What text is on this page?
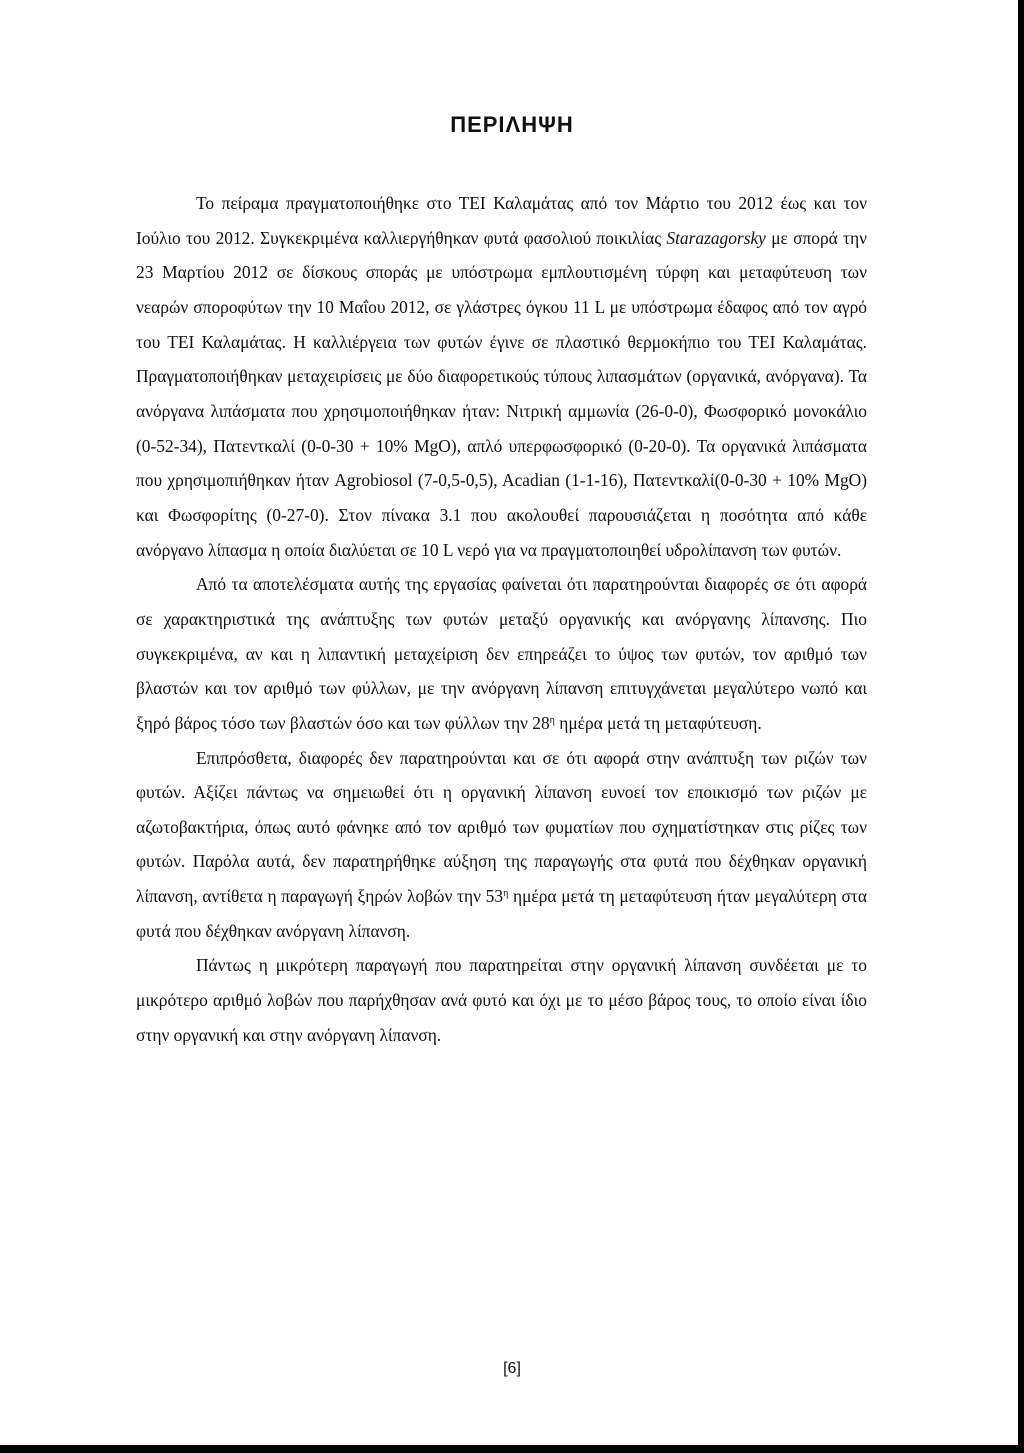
ΠΕΡΙΛΗΨΗ

Το πείραμα πραγματοποιήθηκε στο ΤΕΙ Καλαμάτας από τον Μάρτιο του 2012 έως και τον Ιούλιο του 2012. Συγκεκριμένα καλλιεργήθηκαν φυτά φασολιού ποικιλίας Starazagorsky με σπορά την 23 Μαρτίου 2012 σε δίσκους σποράς με υπόστρωμα εμπλουτισμένη τύρφη και μεταφύτευση των νεαρών σποροφύτων την 10 Μαΐου 2012, σε γλάστρες όγκου 11 L με υπόστρωμα έδαφος από τον αγρό του ΤΕΙ Καλαμάτας. Η καλλιέργεια των φυτών έγινε σε πλαστικό θερμοκήπιο του ΤΕΙ Καλαμάτας. Πραγματοποιήθηκαν μεταχειρίσεις με δύο διαφορετικούς τύπους λιπασμάτων (οργανικά, ανόργανα). Τα ανόργανα λιπάσματα που χρησιμοποιήθηκαν ήταν: Νιτρική αμμωνία (26-0-0), Φωσφορικό μονοκάλιο (0-52-34), Πατεντκαλί (0-0-30 + 10% MgO), απλό υπερφωσφορικό (0-20-0). Τα οργανικά λιπάσματα που χρησιμοπιήθηκαν ήταν Agrobiosol (7-0,5-0,5), Acadian (1-1-16), Πατεντκαλί(0-0-30 + 10% MgO) και Φωσφορίτης (0-27-0). Στον πίνακα 3.1 που ακολουθεί παρουσιάζεται η ποσότητα από κάθε ανόργανο λίπασμα η οποία διαλύεται σε 10 L νερό για να πραγματοποιηθεί υδρολίπανση των φυτών.

Από τα αποτελέσματα αυτής της εργασίας φαίνεται ότι παρατηρούνται διαφορές σε ότι αφορά σε χαρακτηριστικά της ανάπτυξης των φυτών μεταξύ οργανικής και ανόργανης λίπανσης. Πιο συγκεκριμένα, αν και η λιπαντική μεταχείριση δεν επηρεάζει το ύψος των φυτών, τον αριθμό των βλαστών και τον αριθμό των φύλλων, με την ανόργανη λίπανση επιτυγχάνεται μεγαλύτερο νωπό και ξηρό βάρος τόσο των βλαστών όσο και των φύλλων την $28^\eta$ ημέρα μετά τη μεταφύτευση.

Επιπρόσθετα, διαφορές δεν παρατηρούνται και σε ότι αφορά στην ανάπτυξη των ριζών των φυτών. Αξίζει πάντως να σημειωθεί ότι η οργανική λίπανση ευνοεί τον εποικισμό των ριζών με αζωτοβακτήρια, όπως αυτό φάνηκε από τον αριθμό των φυματίων που σχηματίστηκαν στις ρίζες των φυτών. Παρόλα αυτά, δεν παρατηρήθηκε αύξηση της παραγωγής στα φυτά που δέχθηκαν οργανική λίπανση, αντίθετα η παραγωγή ξηρών λοβών την $53^\eta$ ημέρα μετά τη μεταφύτευση ήταν μεγαλύτερη στα φυτά που δέχθηκαν ανόργανη λίπανση.

Πάντως η μικρότερη παραγωγή που παρατηρείται στην οργανική λίπανση συνδέεται με το μικρότερο αριθμό λοβών που παρήχθησαν ανά φυτό και όχι με το μέσο βάρος τους, το οποίο είναι ίδιο στην οργανική και στην ανόργανη λίπανση.

[6]
